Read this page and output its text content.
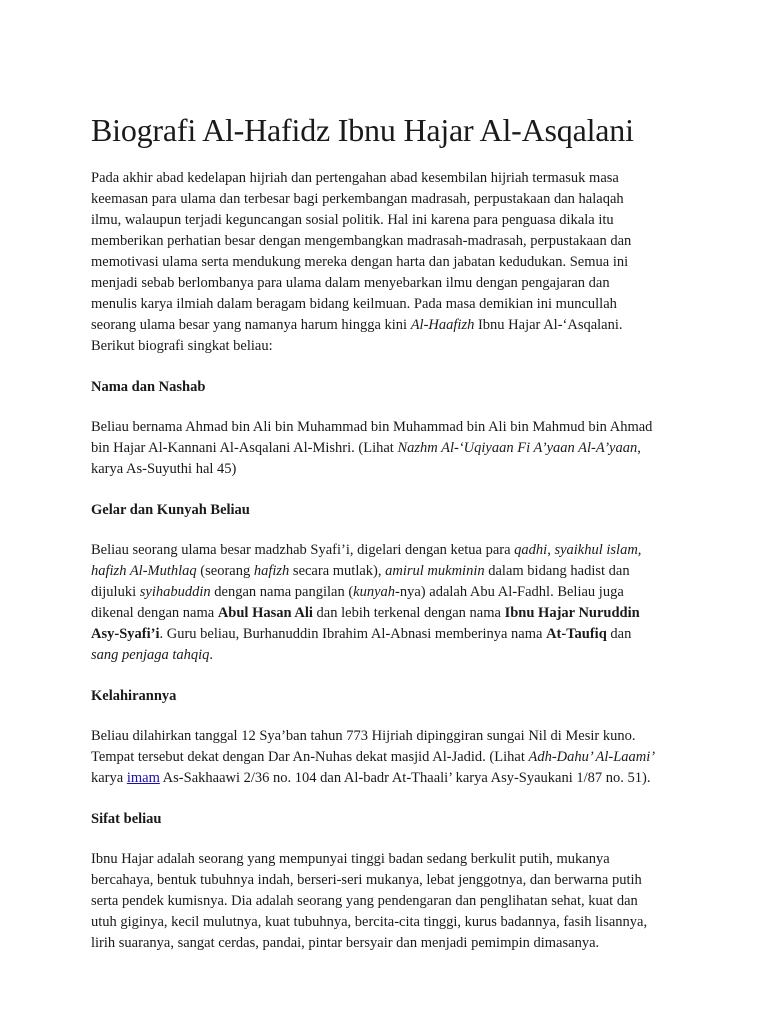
Biografi Al-Hafidz Ibnu Hajar Al-Asqalani

Pada akhir abad kedelapan hijriah dan pertengahan abad kesembilan hijriah termasuk masa

keemasan para ulama dan terbesar bagi perkembangan madrasah, perpustakaan dan halaqah

ilmu, walaupun terjadi keguncangan sosial politik. Hal ini karena para penguasa dikala itu

memberikan perhatian besar dengan mengembangkan madrasah-madrasah, perpustakaan dan

memotivasi ulama serta mendukung mereka dengan harta dan jabatan kedudukan. Semua ini

menjadi sebab berlombanya para ulama dalam menyebarkan ilmu dengan pengajaran dan

menulis karya ilmiah dalam beragam bidang keilmuan. Pada masa demikian ini muncullah

seorang ulama besar yang namanya harum hingga kini Al-Haafizh Ibnu Hajar Al-‘Asqalani.

Berikut biografi singkat beliau:

Nama dan Nashab

Beliau bernama Ahmad bin Ali bin Muhammad bin Muhammad bin Ali bin Mahmud bin Ahmad

bin Hajar Al-Kannani Al-Asqalani Al-Mishri. (Lihat Nazhm Al-‘Uqiyaan Fi A’yaan Al-A’yaan,

karya As-Suyuthi hal 45)

Gelar dan Kunyah Beliau

Beliau seorang ulama besar madzhab Syafi’i, digelari dengan ketua para qadhi, syaikhul islam,

hafizh Al-Muthlaq (seorang hafizh secara mutlak), amirul mukminin dalam bidang hadist dan

dijuluki syihabuddin dengan nama pangilan (kunyah-nya) adalah Abu Al-Fadhl. Beliau juga

dikenal dengan nama Abul Hasan Ali dan lebih terkenal dengan nama Ibnu Hajar Nuruddin

Asy-Syafi’i. Guru beliau, Burhanuddin Ibrahim Al-Abnasi memberinya nama At-Taufiq dan

sang penjaga tahqiq.

Kelahirannya

Beliau dilahirkan tanggal 12 Sya’ban tahun 773 Hijriah dipinggiran sungai Nil di Mesir kuno.

Tempat tersebut dekat dengan Dar An-Nuhas dekat masjid Al-Jadid. (Lihat Adh-Dahu’ Al-Laami’

karya imam As-Sakhaawi 2/36 no. 104 dan Al-badr At-Thaali’ karya Asy-Syaukani 1/87 no. 51).

Sifat beliau

Ibnu Hajar adalah seorang yang mempunyai tinggi badan sedang berkulit putih, mukanya

bercahaya, bentuk tubuhnya indah, berseri-seri mukanya, lebat jenggotnya, dan berwarna putih

serta pendek kumisnya. Dia adalah seorang yang pendengaran dan penglihatan sehat, kuat dan

utuh giginya, kecil mulutnya, kuat tubuhnya, bercita-cita tinggi, kurus badannya, fasih lisannya,

lirih suaranya, sangat cerdas, pandai, pintar bersyair dan menjadi pemimpin dimasanya.
